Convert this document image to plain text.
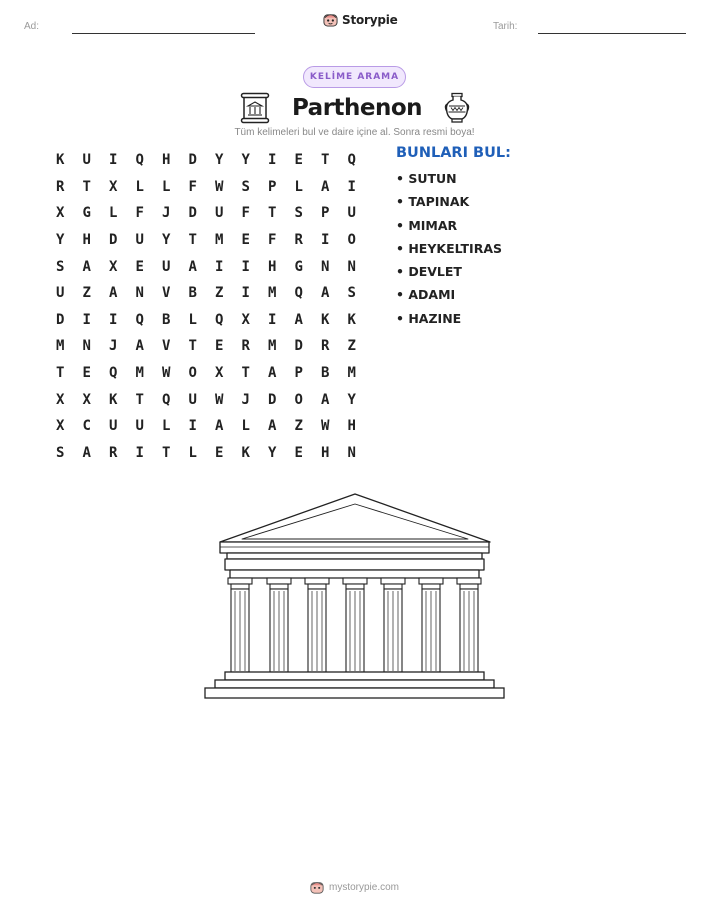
Ad:	Storypie	Tarih:
KELİME ARAMA
Parthenon
Tüm kelimeleri bul ve daire içine al. Sonra resmi boya!
K	U	I	Q	H	D	Y	Y	I	E	T	Q
R	T	X	L	L	F	W	S	P	L	A	I
X	G	L	F	J	D	U	F	T	S	P	U
Y	H	D	U	Y	T	M	E	F	R	I	O
S	A	X	E	U	A	I	I	H	G	N	N
U	Z	A	N	V	B	Z	I	M	Q	A	S
D	I	I	Q	B	L	Q	X	I	A	K	K
M	N	J	A	V	T	E	R	M	D	R	Z
T	E	Q	M	W	O	X	T	A	P	B	M
X	X	K	T	Q	U	W	J	D	O	A	Y
X	C	U	U	L	I	A	L	A	Z	W	H
S	A	R	I	T	L	E	K	Y	E	H	N
BUNLARI BUL:
• SUTUN
• TAPINAK
• MIMAR
• HEYKELTIRAS
• DEVLET
• ADAMI
• HAZINE
mystorypie.com
